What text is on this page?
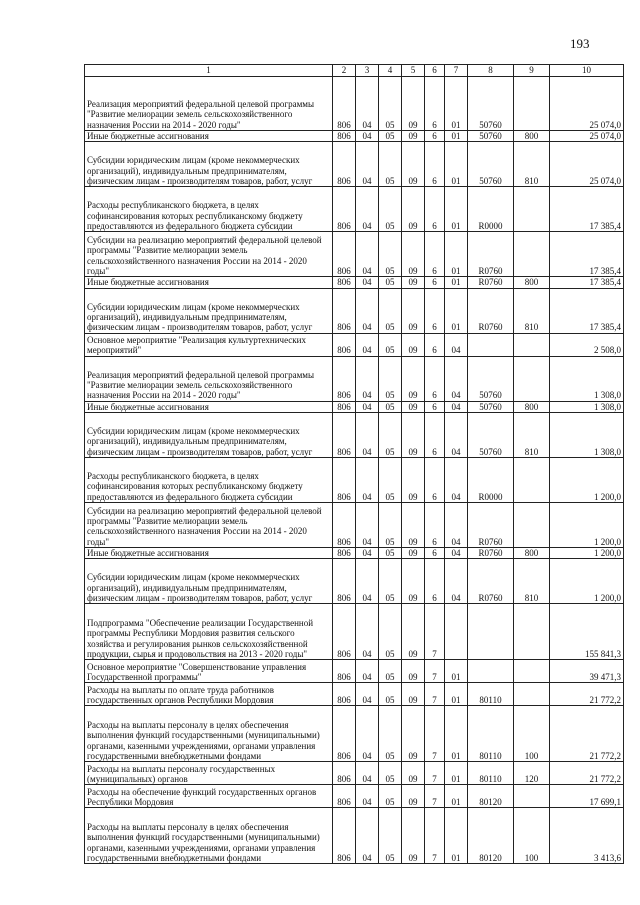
193
1	2	3	4	5	6	7	8	9	10
Реализация мероприятий федеральной целевой программы "Развитие мелиорации земель сельскохозяйственного назначения России на 2014 - 2020 годы"	806	04	05	09	6	01	50760		25 074,0
Иные бюджетные ассигнования	806	04	05	09	6	01	50760	800	25 074,0
Субсидии юридическим лицам (кроме некоммерческих организаций), индивидуальным предпринимателям, физическим лицам - производителям товаров, работ, услуг	806	04	05	09	6	01	50760	810	25 074,0
Расходы республиканского бюджета, в целях софинансирования которых республиканскому бюджету предоставляются из федерального бюджета субсидии	806	04	05	09	6	01	R0000		17 385,4
Субсидии на реализацию мероприятий федеральной целевой программы "Развитие мелиорации земель сельскохозяйственного назначения России на 2014 - 2020 годы"	806	04	05	09	6	01	R0760		17 385,4
Иные бюджетные ассигнования	806	04	05	09	6	01	R0760	800	17 385,4
Субсидии юридическим лицам (кроме некоммерческих организаций), индивидуальным предпринимателям, физическим лицам - производителям товаров, работ, услуг	806	04	05	09	6	01	R0760	810	17 385,4
Основное мероприятие "Реализация культуртехнических мероприятий"	806	04	05	09	6	04			2 508,0
Реализация мероприятий федеральной целевой программы "Развитие мелиорации земель сельскохозяйственного назначения России на 2014 - 2020 годы"	806	04	05	09	6	04	50760		1 308,0
Иные бюджетные ассигнования	806	04	05	09	6	04	50760	800	1 308,0
Субсидии юридическим лицам (кроме некоммерческих организаций), индивидуальным предпринимателям, физическим лицам - производителям товаров, работ, услуг	806	04	05	09	6	04	50760	810	1 308,0
Расходы республиканского бюджета, в целях софинансирования которых республиканскому бюджету предоставляются из федерального бюджета субсидии	806	04	05	09	6	04	R0000		1 200,0
Субсидии на реализацию мероприятий федеральной целевой программы "Развитие мелиорации земель сельскохозяйственного назначения России на 2014 - 2020 годы"	806	04	05	09	6	04	R0760		1 200,0
Иные бюджетные ассигнования	806	04	05	09	6	04	R0760	800	1 200,0
Субсидии юридическим лицам (кроме некоммерческих организаций), индивидуальным предпринимателям, физическим лицам - производителям товаров, работ, услуг	806	04	05	09	6	04	R0760	810	1 200,0
Подпрограмма "Обеспечение реализации Государственной программы Республики Мордовия развития сельского хозяйства и регулирования рынков сельскохозяйственной продукции, сырья и продовольствия на 2013 - 2020 годы"	806	04	05	09	7				155 841,3
Основное мероприятие "Совершенствование управления Государственной программы"	806	04	05	09	7	01			39 471,3
Расходы на выплаты по оплате труда работников государственных органов Республики Мордовия	806	04	05	09	7	01	80110		21 772,2
Расходы на выплаты персоналу в целях обеспечения выполнения функций государственными (муниципальными) органами, казенными учреждениями, органами управления государственными внебюджетными фондами	806	04	05	09	7	01	80110	100	21 772,2
Расходы на выплаты персоналу государственных (муниципальных) органов	806	04	05	09	7	01	80110	120	21 772,2
Расходы на обеспечение функций государственных органов Республики Мордовия	806	04	05	09	7	01	80120		17 699,1
Расходы на выплаты персоналу в целях обеспечения выполнения функций государственными (муниципальными) органами, казенными учреждениями, органами управления государственными внебюджетными фондами	806	04	05	09	7	01	80120	100	3 413,6
